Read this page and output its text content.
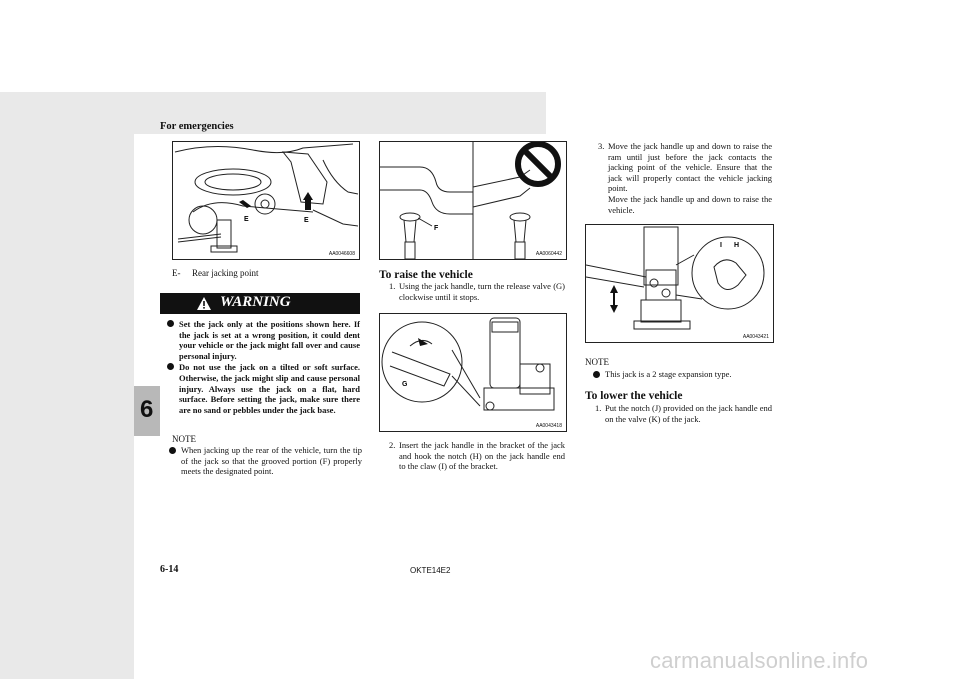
For emergencies
6
E	E
AA0046608
E- Rear jacking point
WARNING
Set the jack only at the positions shown here. If the jack is set at a wrong position, it could dent your vehicle or the jack might fall over and cause personal injury.
Do not use the jack on a tilted or soft surface. Otherwise, the jack might slip and cause personal injury. Always use the jack on a flat, hard surface. Before setting the jack, make sure there are no sand or pebbles under the jack base.
NOTE
When jacking up the rear of the vehicle, turn the tip of the jack so that the grooved portion (F) properly meets the designated point.
F
AA0060442
To raise the vehicle
1. Using the jack handle, turn the release valve (G) clockwise until it stops.
G
AA0043418
2. Insert the jack handle in the bracket of the jack and hook the notch (H) on the jack handle end to the claw (I) of the bracket.
3. Move the jack handle up and down to raise the ram until just before the jack contacts the jacking point of the vehicle. Ensure that the jack will properly contact the vehicle jacking point.
Move the jack handle up and down to raise the vehicle.
I H
AA0043421
NOTE
This jack is a 2 stage expansion type.
To lower the vehicle
1. Put the notch (J) provided on the jack handle end on the valve (K) of the jack.
6-14	OKTE14E2
carmanualsonline.info
